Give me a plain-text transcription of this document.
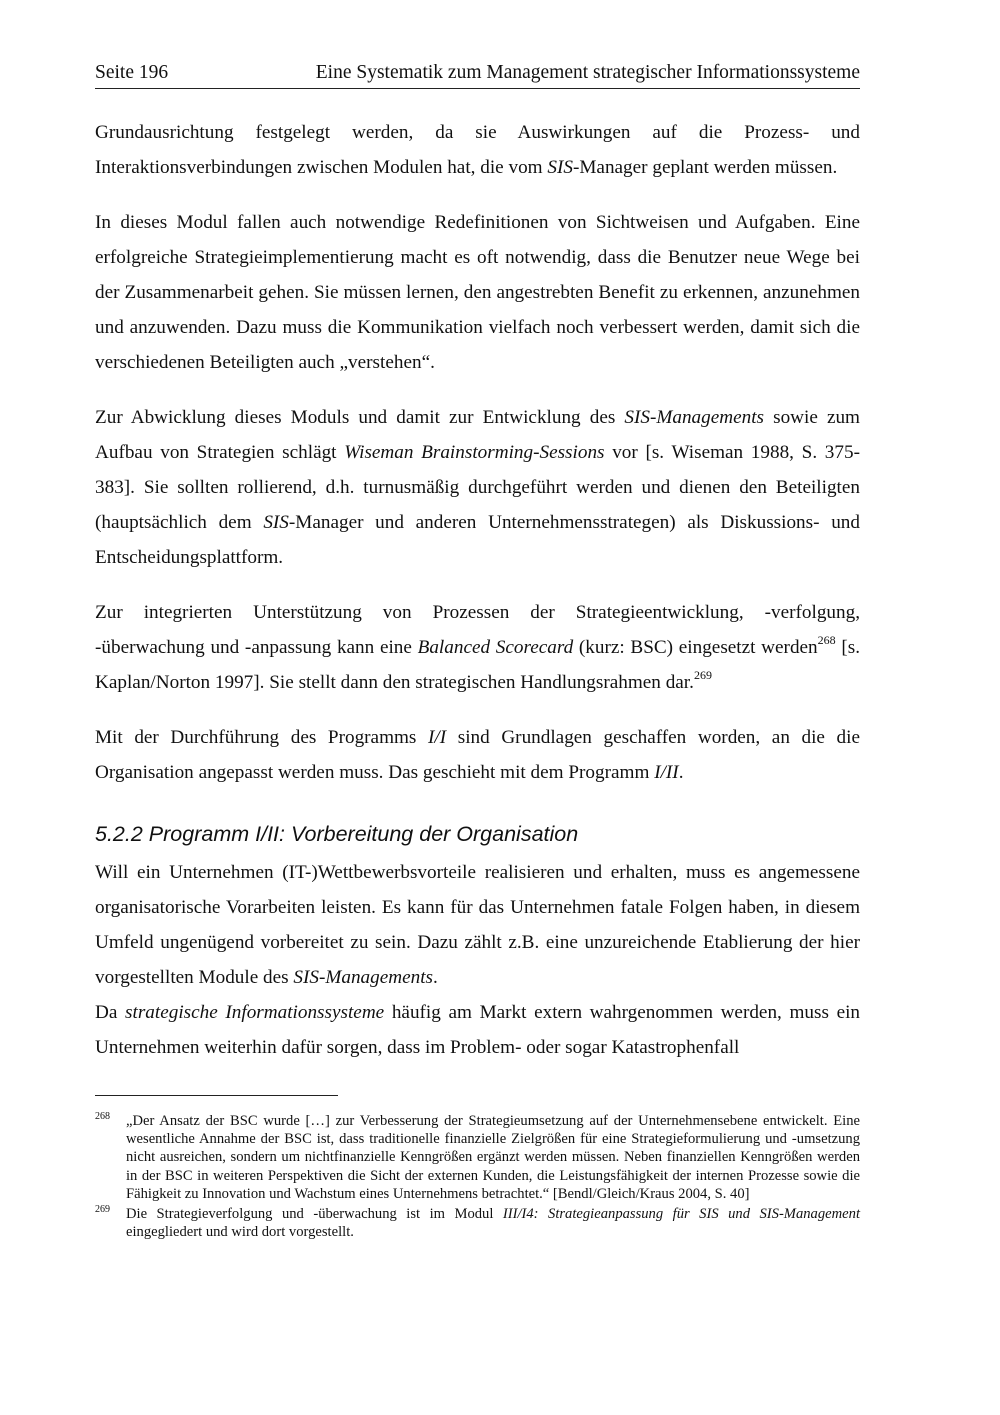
Seite 196	Eine Systematik zum Management strategischer Informationssysteme

Grundausrichtung festgelegt werden, da sie Auswirkungen auf die Prozess- und Interaktionsverbindungen zwischen Modulen hat, die vom SIS-Manager geplant werden müssen.

In dieses Modul fallen auch notwendige Redefinitionen von Sichtweisen und Aufgaben. Eine erfolgreiche Strategieimplementierung macht es oft notwendig, dass die Benutzer neue Wege bei der Zusammenarbeit gehen. Sie müssen lernen, den angestrebten Benefit zu erkennen, anzunehmen und anzuwenden. Dazu muss die Kommunikation vielfach noch verbessert werden, damit sich die verschiedenen Beteiligten auch „verstehen“.

Zur Abwicklung dieses Moduls und damit zur Entwicklung des SIS-Managements sowie zum Aufbau von Strategien schlägt Wiseman Brainstorming-Sessions vor [s. Wiseman 1988, S. 375-383]. Sie sollten rollierend, d.h. turnusmäßig durchgeführt werden und dienen den Beteiligten (hauptsächlich dem SIS-Manager und anderen Unternehmensstrategen) als Diskussions- und Entscheidungsplattform.

Zur integrierten Unterstützung von Prozessen der Strategieentwicklung, -verfolgung, -überwachung und -anpassung kann eine Balanced Scorecard (kurz: BSC) eingesetzt werden$^{268}$ [s. Kaplan/Norton 1997]. Sie stellt dann den strategischen Handlungsrahmen dar.$^{269}$

Mit der Durchführung des Programms I/I sind Grundlagen geschaffen worden, an die die Organisation angepasst werden muss. Das geschieht mit dem Programm I/II.

5.2.2 Programm I/II: Vorbereitung der Organisation

Will ein Unternehmen (IT-)Wettbewerbsvorteile realisieren und erhalten, muss es angemessene organisatorische Vorarbeiten leisten. Es kann für das Unternehmen fatale Folgen haben, in diesem Umfeld ungenügend vorbereitet zu sein. Dazu zählt z.B. eine unzureichende Etablierung der hier vorgestellten Module des SIS-Managements.

Da strategische Informationssysteme häufig am Markt extern wahrgenommen werden, muss ein Unternehmen weiterhin dafür sorgen, dass im Problem- oder sogar Katastrophenfall

268 „Der Ansatz der BSC wurde […] zur Verbesserung der Strategieumsetzung auf der Unternehmensebene entwickelt. Eine wesentliche Annahme der BSC ist, dass traditionelle finanzielle Zielgrößen für eine Strategieformulierung und -umsetzung nicht ausreichen, sondern um nichtfinanzielle Kenngrößen ergänzt werden müssen. Neben finanziellen Kenngrößen werden in der BSC in weiteren Perspektiven die Sicht der externen Kunden, die Leistungsfähigkeit der internen Prozesse sowie die Fähigkeit zu Innovation und Wachstum eines Unternehmens betrachtet.“ [Bendl/Gleich/Kraus 2004, S. 40]
269 Die Strategieverfolgung und -überwachung ist im Modul III/I4: Strategieanpassung für SIS und SIS-Management eingegliedert und wird dort vorgestellt.
